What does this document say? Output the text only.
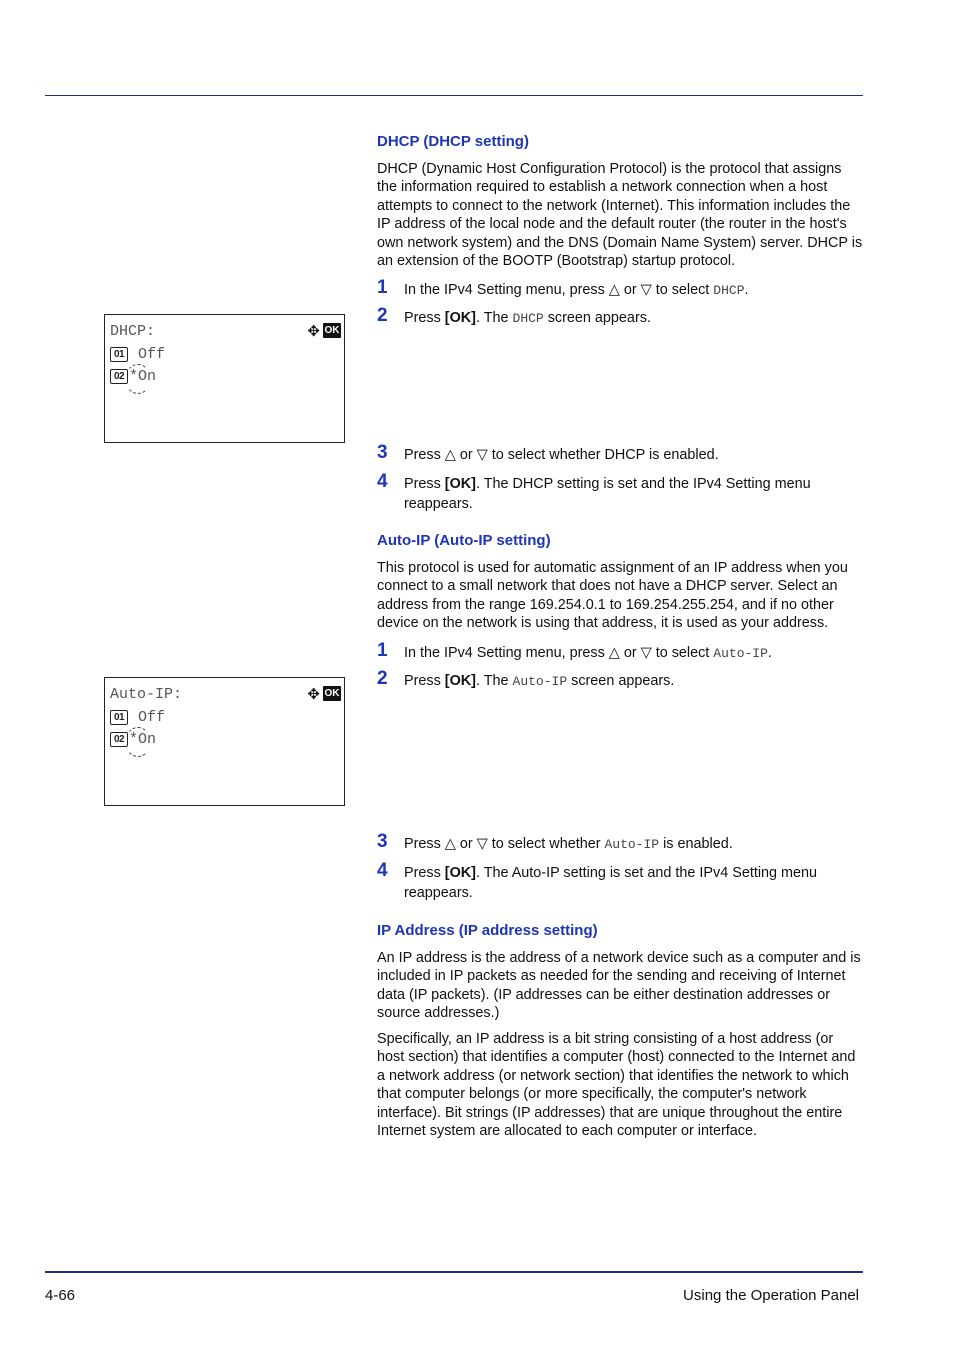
DHCP (DHCP setting)

DHCP (Dynamic Host Configuration Protocol) is the protocol that assigns the information required to establish a network connection when a host attempts to connect to the network (Internet). This information includes the IP address of the local node and the default router (the router in the host's own network system) and the DNS (Domain Name System) server. DHCP is an extension of the BOOTP (Bootstrap) startup protocol.

1 In the IPv4 Setting menu, press △ or ▽ to select DHCP.
2 Press [OK]. The DHCP screen appears.
DHCP:	✥ OK
01 Off
02 *On
3 Press △ or ▽ to select whether DHCP is enabled.
4 Press [OK]. The DHCP setting is set and the IPv4 Setting menu reappears.
Auto-IP (Auto-IP setting)

This protocol is used for automatic assignment of an IP address when you connect to a small network that does not have a DHCP server. Select an address from the range 169.254.0.1 to 169.254.255.254, and if no other device on the network is using that address, it is used as your address.

1 In the IPv4 Setting menu, press △ or ▽ to select Auto-IP.
2 Press [OK]. The Auto-IP screen appears.
Auto-IP:	✥ OK
01 Off
02 *On
3 Press △ or ▽ to select whether Auto-IP is enabled.
4 Press [OK]. The Auto-IP setting is set and the IPv4 Setting menu reappears.
IP Address (IP address setting)

An IP address is the address of a network device such as a computer and is included in IP packets as needed for the sending and receiving of Internet data (IP packets). (IP addresses can be either destination addresses or source addresses.)

Specifically, an IP address is a bit string consisting of a host address (or host section) that identifies a computer (host) connected to the Internet and a network address (or network section) that identifies the network to which that computer belongs (or more specifically, the computer's network interface). Bit strings (IP addresses) that are unique throughout the entire Internet system are allocated to each computer or interface.

4-66	Using the Operation Panel
